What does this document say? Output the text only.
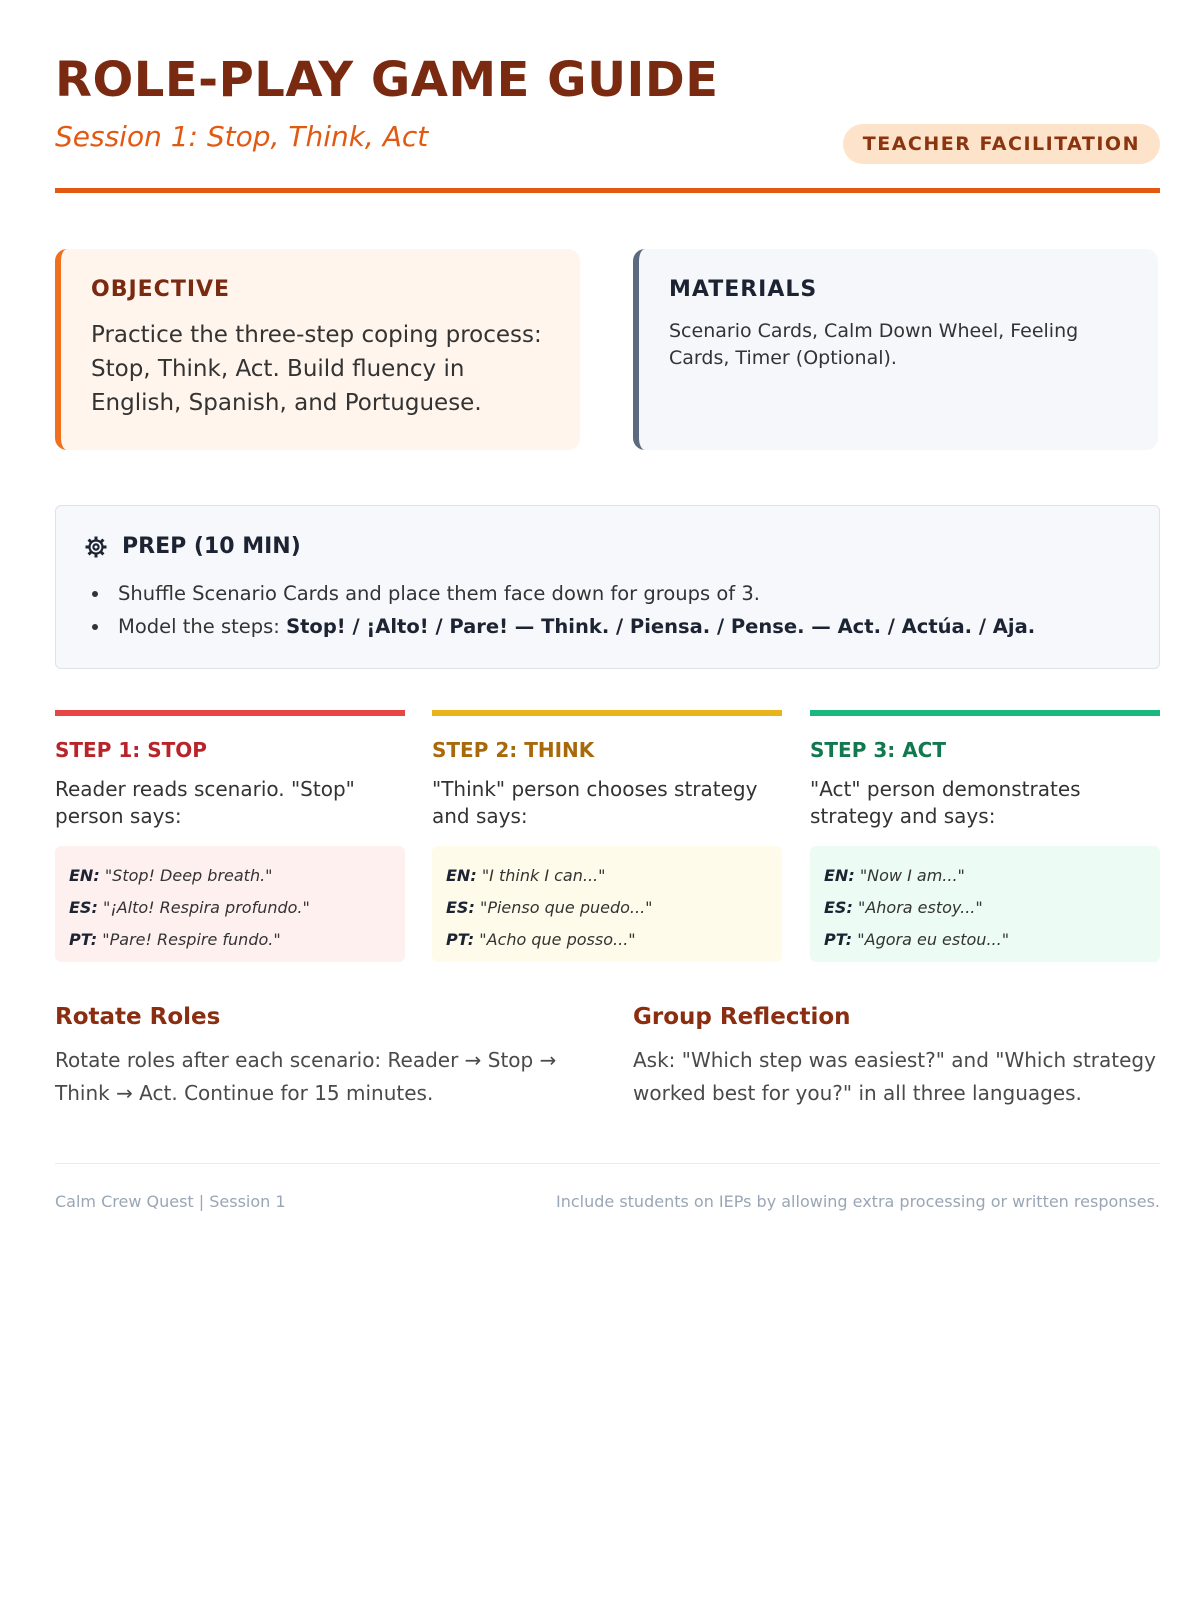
ROLE-PLAY GAME GUIDE
Session 1: Stop, Think, Act	TEACHER FACILITATION
OBJECTIVE
Practice the three-step coping process: Stop, Think, Act. Build fluency in English, Spanish, and Portuguese.
MATERIALS
Scenario Cards, Calm Down Wheel, Feeling Cards, Timer (Optional).
PREP (10 MIN)
Shuffle Scenario Cards and place them face down for groups of 3.
Model the steps: Stop! / ¡Alto! / Pare! — Think. / Piensa. / Pense. — Act. / Actúa. / Aja.
STEP 1: STOP
Reader reads scenario. "Stop" person says:

EN: "Stop! Deep breath."

ES: "¡Alto! Respira profundo."

PT: "Pare! Respire fundo."

STEP 2: THINK
"Think" person chooses strategy and says:

EN: "I think I can..."

ES: "Pienso que puedo..."

PT: "Acho que posso..."

STEP 3: ACT
"Act" person demonstrates strategy and says:

EN: "Now I am..."

ES: "Ahora estoy..."

PT: "Agora eu estou..."

Rotate Roles
Rotate roles after each scenario: Reader → Stop → Think → Act. Continue for 15 minutes.
Group Reflection
Ask: "Which step was easiest?" and "Which strategy worked best for you?" in all three languages.
Calm Crew Quest | Session 1	Include students on IEPs by allowing extra processing or written responses.
